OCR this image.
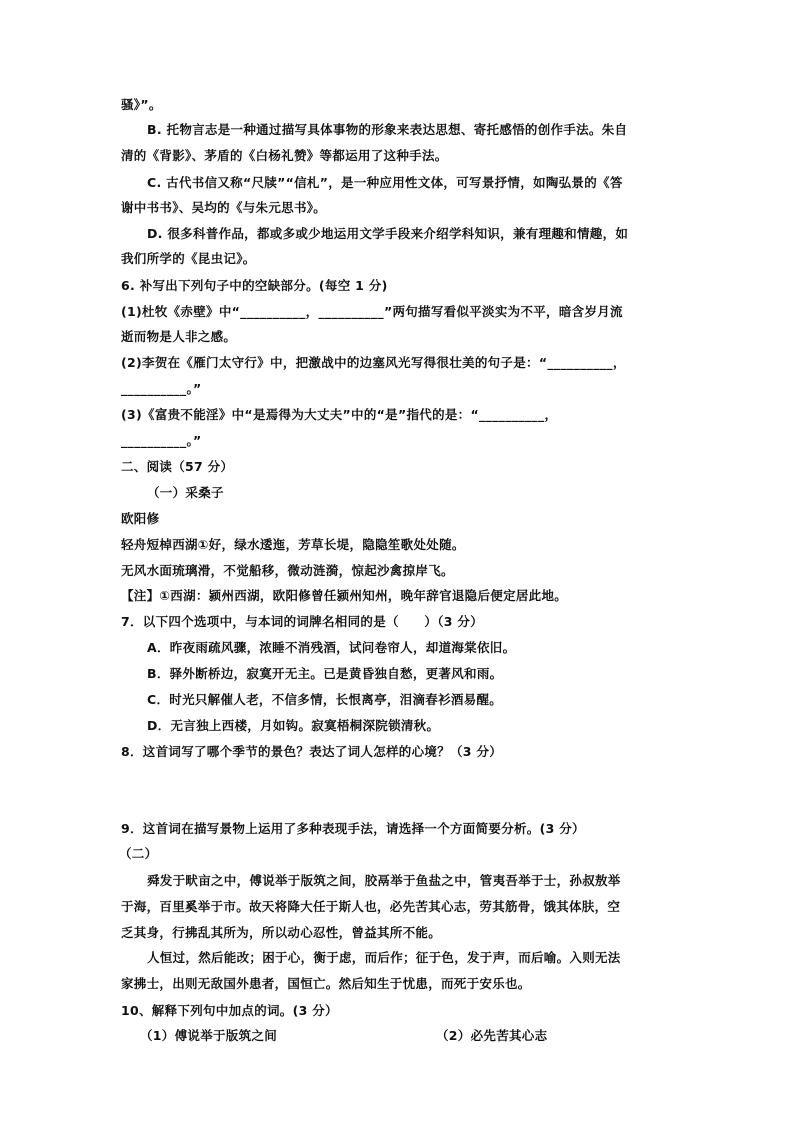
骚》”。
B. 托物言志是一种通过描写具体事物的形象来表达思想、寄托感悟的创作手法。朱自
清的《背影》、茅盾的《白杨礼赞》等都运用了这种手法。
C. 古代书信又称“尺牍”“信札”，是一种应用性文体，可写景抒情，如陶弘景的《答
谢中书书》、吴均的《与朱元思书》。
D. 很多科普作品，都或多或少地运用文学手段来介绍学科知识，兼有理趣和情趣，如
我们所学的《昆虫记》。
6. 补写出下列句子中的空缺部分。(每空 1 分)
(1)杜牧《赤壁》中“__________，__________”两句描写看似平淡实为不平，暗含岁月流
逝而物是人非之感。
(2)李贺在《雁门太守行》中，把激战中的边塞风光写得很壮美的句子是：“__________，
__________。”
(3)《富贵不能淫》中“是焉得为大丈夫”中的“是”指代的是：“__________，
__________。”
二、阅读（57 分）
（一）采桑子
欧阳修
轻舟短棹西湖①好，绿水逶迤，芳草长堤，隐隐笙歌处处随。
无风水面琉璃滑，不觉船移，微动涟漪，惊起沙禽掠岸飞。
【注】①西湖：颍州西湖，欧阳修曾任颍州知州，晚年辞官退隐后便定居此地。
7．以下四个选项中，与本词的词牌名相同的是（　　）（3 分）
A．昨夜雨疏风骤，浓睡不消残酒，试问卷帘人，却道海棠依旧。
B．驿外断桥边，寂寞开无主。已是黄昏独自愁，更著风和雨。
C．时光只解催人老，不信多情，长恨离亭，泪滴春衫酒易醒。
D．无言独上西楼，月如钩。寂寞梧桐深院锁清秋。
8．这首词写了哪个季节的景色？表达了词人怎样的心境？（3 分）
9．这首词在描写景物上运用了多种表现手法，请选择一个方面简要分析。(3 分）
（二）
舜发于畎亩之中，傅说举于版筑之间，胶鬲举于鱼盐之中，管夷吾举于士，孙叔敖举
于海，百里奚举于市。故天将降大任于斯人也，必先苦其心志，劳其筋骨，饿其体肤，空
乏其身，行拂乱其所为，所以动心忍性，曾益其所不能。
人恒过，然后能改；困于心，衡于虑，而后作；征于色，发于声，而后喻。入则无法
家拂士，出则无敌国外患者，国恒亡。然后知生于忧患，而死于安乐也。
10、解释下列句中加点的词。(3 分）
（1）傅说举于版筑之间	（2）必先苦其心志
